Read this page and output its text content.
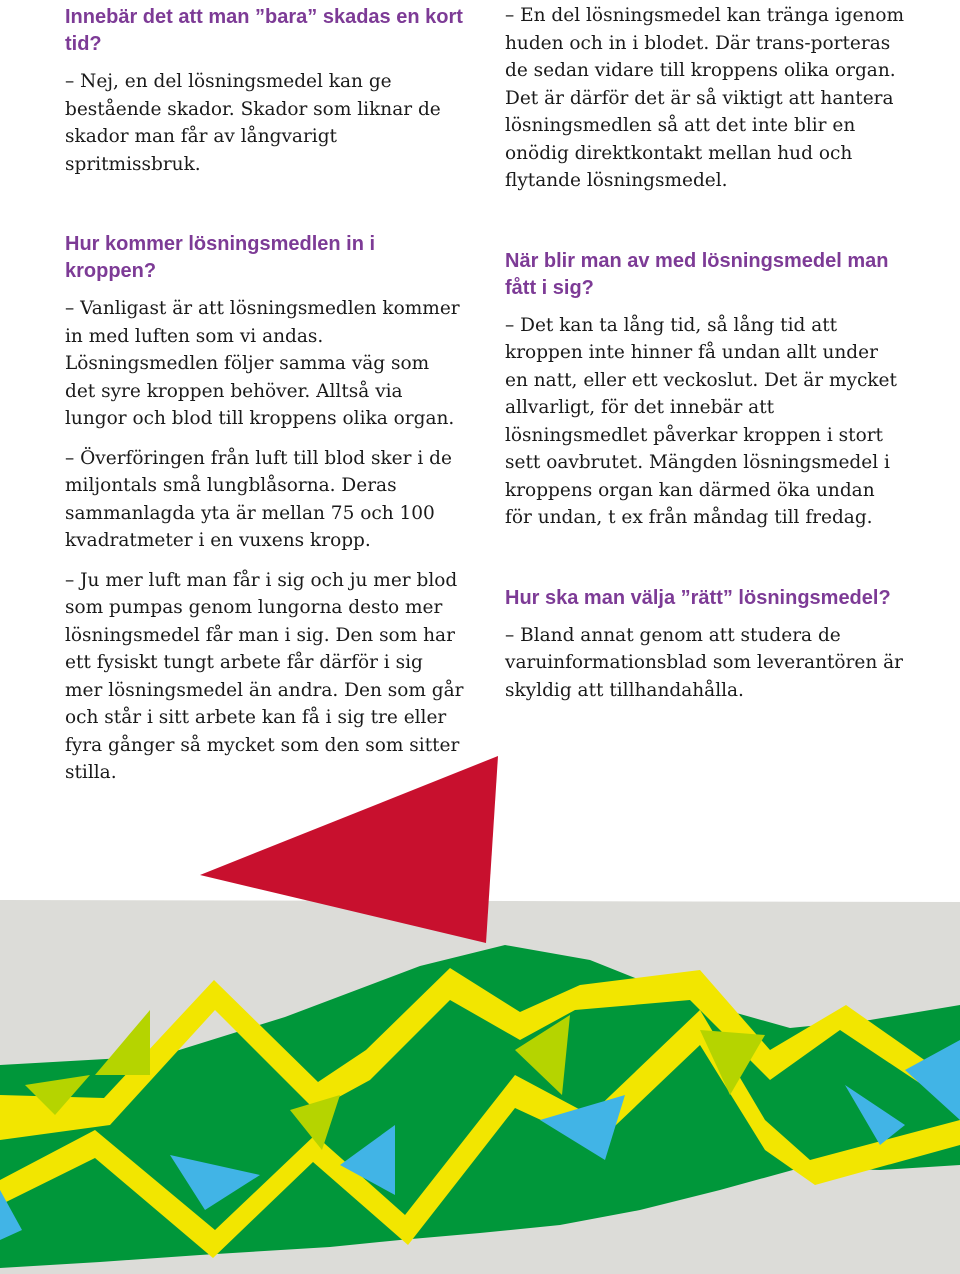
Innebär det att man ”bara” skadas en kort tid?

– Nej, en del lösningsmedel kan ge bestående skador. Skador som liknar de skador man får av långvarigt spritmissbruk.

Hur kommer lösningsmedlen in i kroppen?

– Vanligast är att lösningsmedlen kommer in med luften som vi andas. Lösningsmedlen följer samma väg som det syre kroppen behöver. Alltså via lungor och blod till kroppens olika organ.

– Överföringen från luft till blod sker i de miljontals små lungblåsorna. Deras sammanlagda yta är mellan 75 och 100 kvadratmeter i en vuxens kropp.

– Ju mer luft man får i sig och ju mer blod som pumpas genom lungorna desto mer lösningsmedel får man i sig. Den som har ett fysiskt tungt arbete får därför i sig mer lösningsmedel än andra. Den som går och står i sitt arbete kan få i sig tre eller fyra gånger så mycket som den som sitter stilla.

– En del lösningsmedel kan tränga igenom huden och in i blodet. Där trans-porteras de sedan vidare till kroppens olika organ. Det är därför det är så viktigt att hantera lösningsmedlen så att det inte blir en onödig direktkontakt mellan hud och flytande lösningsmedel.

När blir man av med lösningsmedel man fått i sig?

– Det kan ta lång tid, så lång tid att kroppen inte hinner få undan allt under en natt, eller ett veckoslut. Det är mycket allvarligt, för det innebär att lösningsmedlet påverkar kroppen i stort sett oavbrutet. Mängden lösningsmedel i kroppens organ kan därmed öka undan för undan, t ex från måndag till fredag.

Hur ska man välja ”rätt” lösningsmedel?

– Bland annat genom att studera de varuinformationsblad som leverantören är skyldig att tillhandahålla.
